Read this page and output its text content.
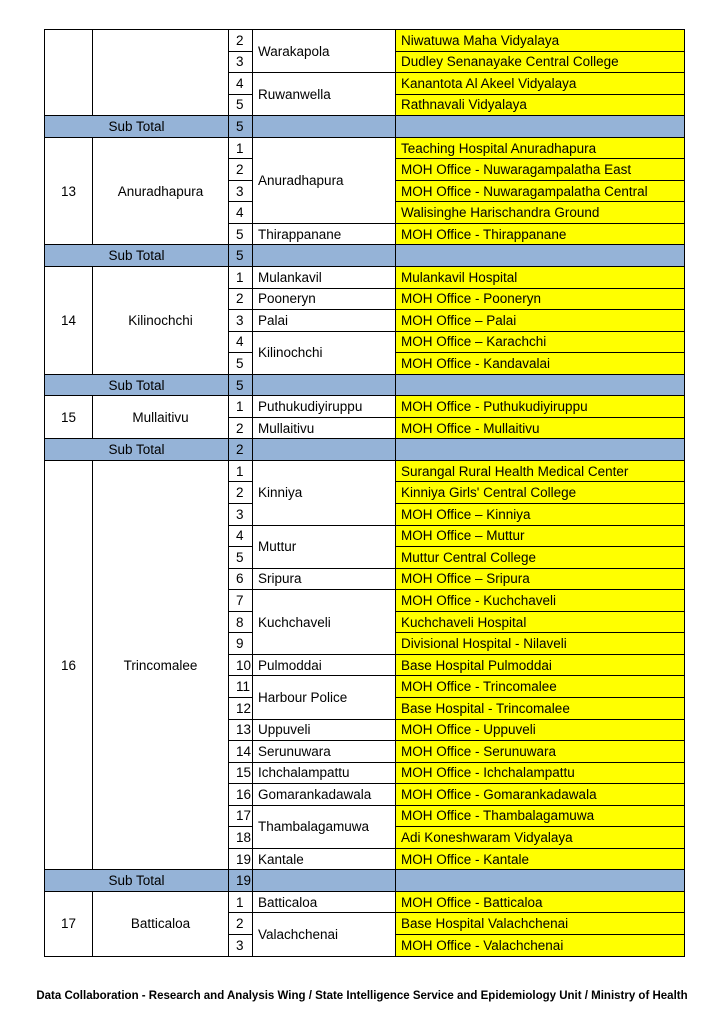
		2	Warakapola	Niwatuwa Maha Vidyalaya
		3		Dudley Senanayake Central College
		4	Ruwanwella	Kanantota Al Akeel Vidyalaya
		5		Rathnavali Vidyalaya
Sub Total		5		
13	Anuradhapura	1	Anuradhapura	Teaching Hospital Anuradhapura
		2		MOH Office - Nuwaragampalatha East
		3		MOH Office - Nuwaragampalatha Central
		4		Walisinghe Harischandra Ground
		5	Thirappanane	MOH Office - Thirappanane
Sub Total		5		
14	Kilinochchi	1	Mulankavil	Mulankavil Hospital
		2	Pooneryn	MOH Office - Pooneryn
		3	Palai	MOH Office – Palai
		4	Kilinochchi	MOH Office – Karachchi
		5		MOH Office - Kandavalai
Sub Total		5		
15	Mullaitivu	1	Puthukudiyiruppu	MOH Office - Puthukudiyiruppu
		2	Mullaitivu	MOH Office - Mullaitivu
Sub Total		2		
16	Trincomalee	1	Kinniya	Surangal Rural Health Medical Center
		2		Kinniya Girls' Central College
		3		MOH Office – Kinniya
		4	Muttur	MOH Office – Muttur
		5		Muttur Central College
		6	Sripura	MOH Office – Sripura
		7	Kuchchaveli	MOH Office - Kuchchaveli
		8		Kuchchaveli Hospital
		9		Divisional Hospital - Nilaveli
		10	Pulmoddai	Base Hospital Pulmoddai
		11	Harbour Police	MOH Office - Trincomalee
		12		Base Hospital - Trincomalee
		13	Uppuveli	MOH Office - Uppuveli
		14	Serunuwara	MOH Office - Serunuwara
		15	Ichchalampattu	MOH Office - Ichchalampattu
		16	Gomarankadawala	MOH Office - Gomarankadawala
		17	Thambalagamuwa	MOH Office - Thambalagamuwa
		18		Adi Koneshwaram Vidyalaya
		19	Kantale	MOH Office - Kantale
Sub Total		19		
17	Batticaloa	1	Batticaloa	MOH Office - Batticaloa
		2	Valachchenai	Base Hospital Valachchenai
		3		MOH Office - Valachchenai
Data Collaboration - Research and Analysis Wing / State Intelligence Service and Epidemiology Unit / Ministry of Health
